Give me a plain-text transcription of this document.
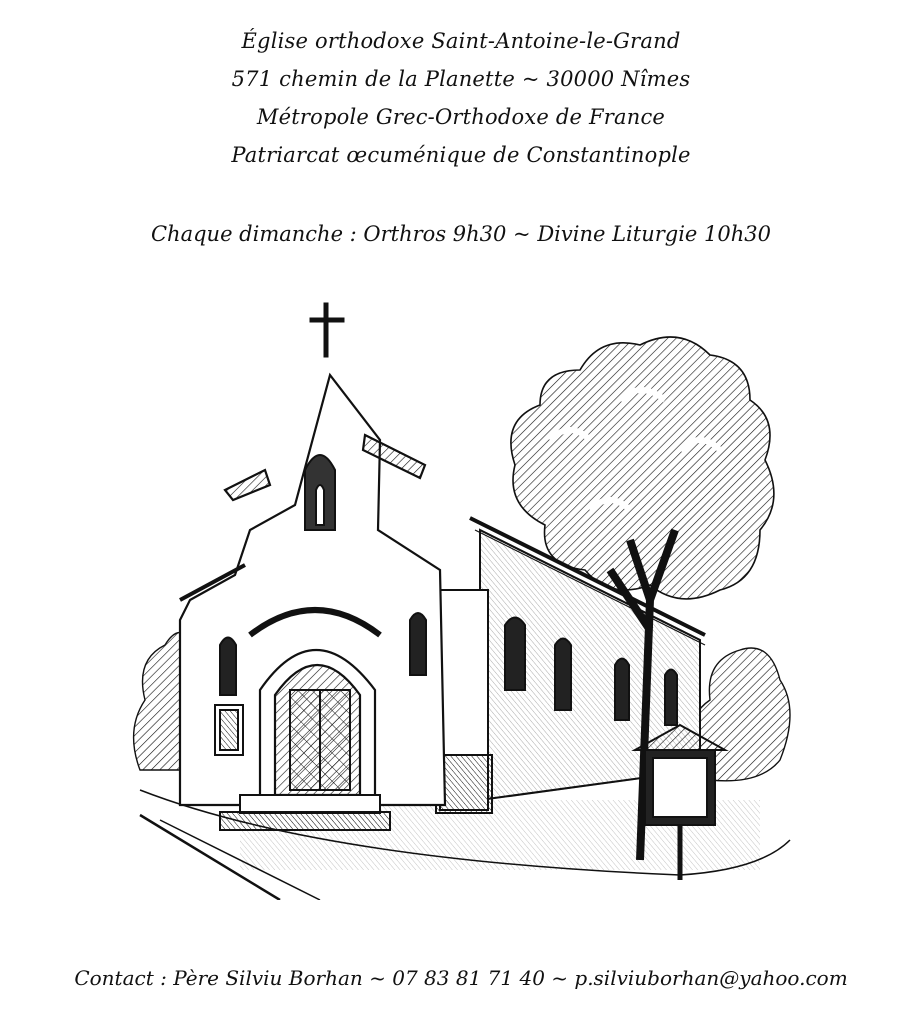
Église orthodoxe Saint-Antoine-le-Grand
571 chemin de la Planette ~ 30000 Nîmes
Métropole Grec-Orthodoxe de France
Patriarcat œcuménique de Constantinople
Chaque dimanche : Orthros 9h30 ~ Divine Liturgie 10h30
Contact : Père Silviu Borhan ~ 07 83 81 71 40 ~ p.silviuborhan@yahoo.com
